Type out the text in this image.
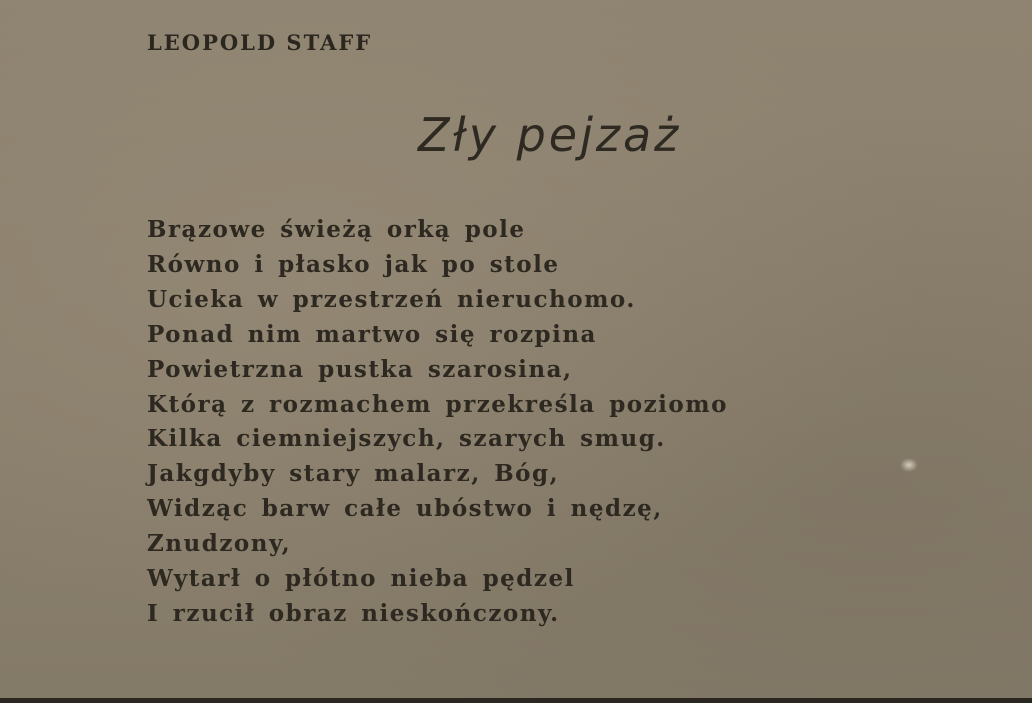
LEOPOLD STAFF
Zły pejzaż
Brązowe świeżą orką pole
Równo i płasko jak po stole
Ucieka w przestrzeń nieruchomo.
Ponad nim martwo się rozpina
Powietrzna pustka szarosina,
Którą z rozmachem przekreśla poziomo
Kilka ciemniejszych, szarych smug.
Jakgdyby stary malarz, Bóg,
Widząc barw całe ubóstwo i nędzę,
Znudzony,
Wytarł o płótno nieba pędzel
I rzucił obraz nieskończony.
